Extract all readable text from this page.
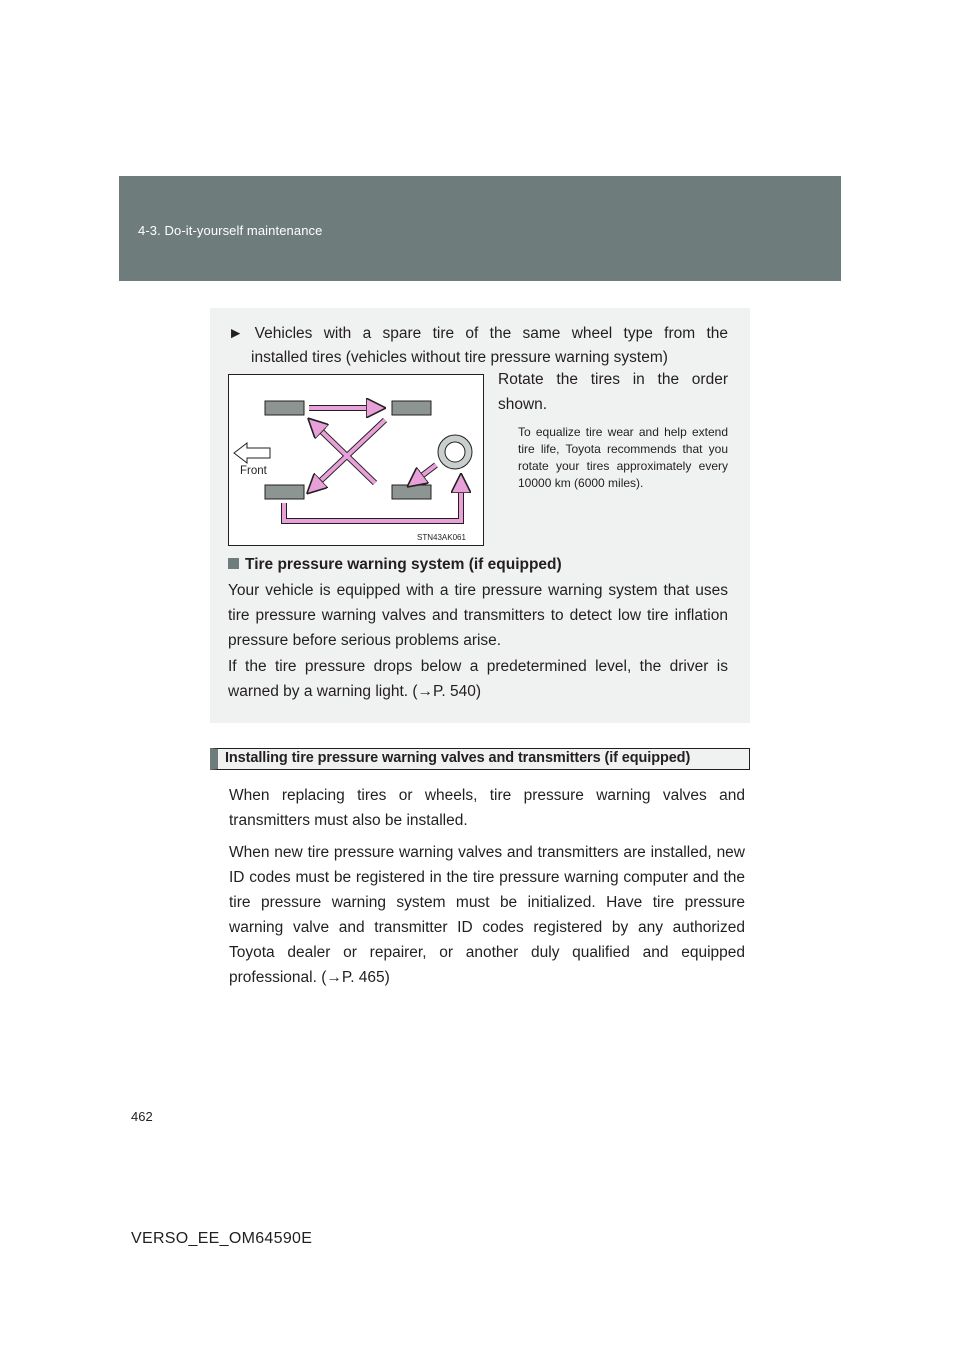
4-3. Do-it-yourself maintenance
► Vehicles with a spare tire of the same wheel type from the
installed tires (vehicles without tire pressure warning system)
Front
STN43AK061
Rotate the tires in the order
shown.
To equalize tire wear and help extend tire life, Toyota recommends that you rotate your tires approximately every 10000 km (6000 miles).
Tire pressure warning system (if equipped)
Your vehicle is equipped with a tire pressure warning system that uses tire pressure warning valves and transmitters to detect low tire inflation pressure before serious problems arise.
If the tire pressure drops below a predetermined level, the driver is warned by a warning light. (→P. 540)
Installing tire pressure warning valves and transmitters (if equipped)
When replacing tires or wheels, tire pressure warning valves and transmitters must also be installed.
When new tire pressure warning valves and transmitters are installed, new ID codes must be registered in the tire pressure warning computer and the tire pressure warning system must be initialized. Have tire pressure warning valve and transmitter ID codes registered by any authorized Toyota dealer or repairer, or another duly qualified and equipped professional. (→P. 465)
462
VERSO_EE_OM64590E
